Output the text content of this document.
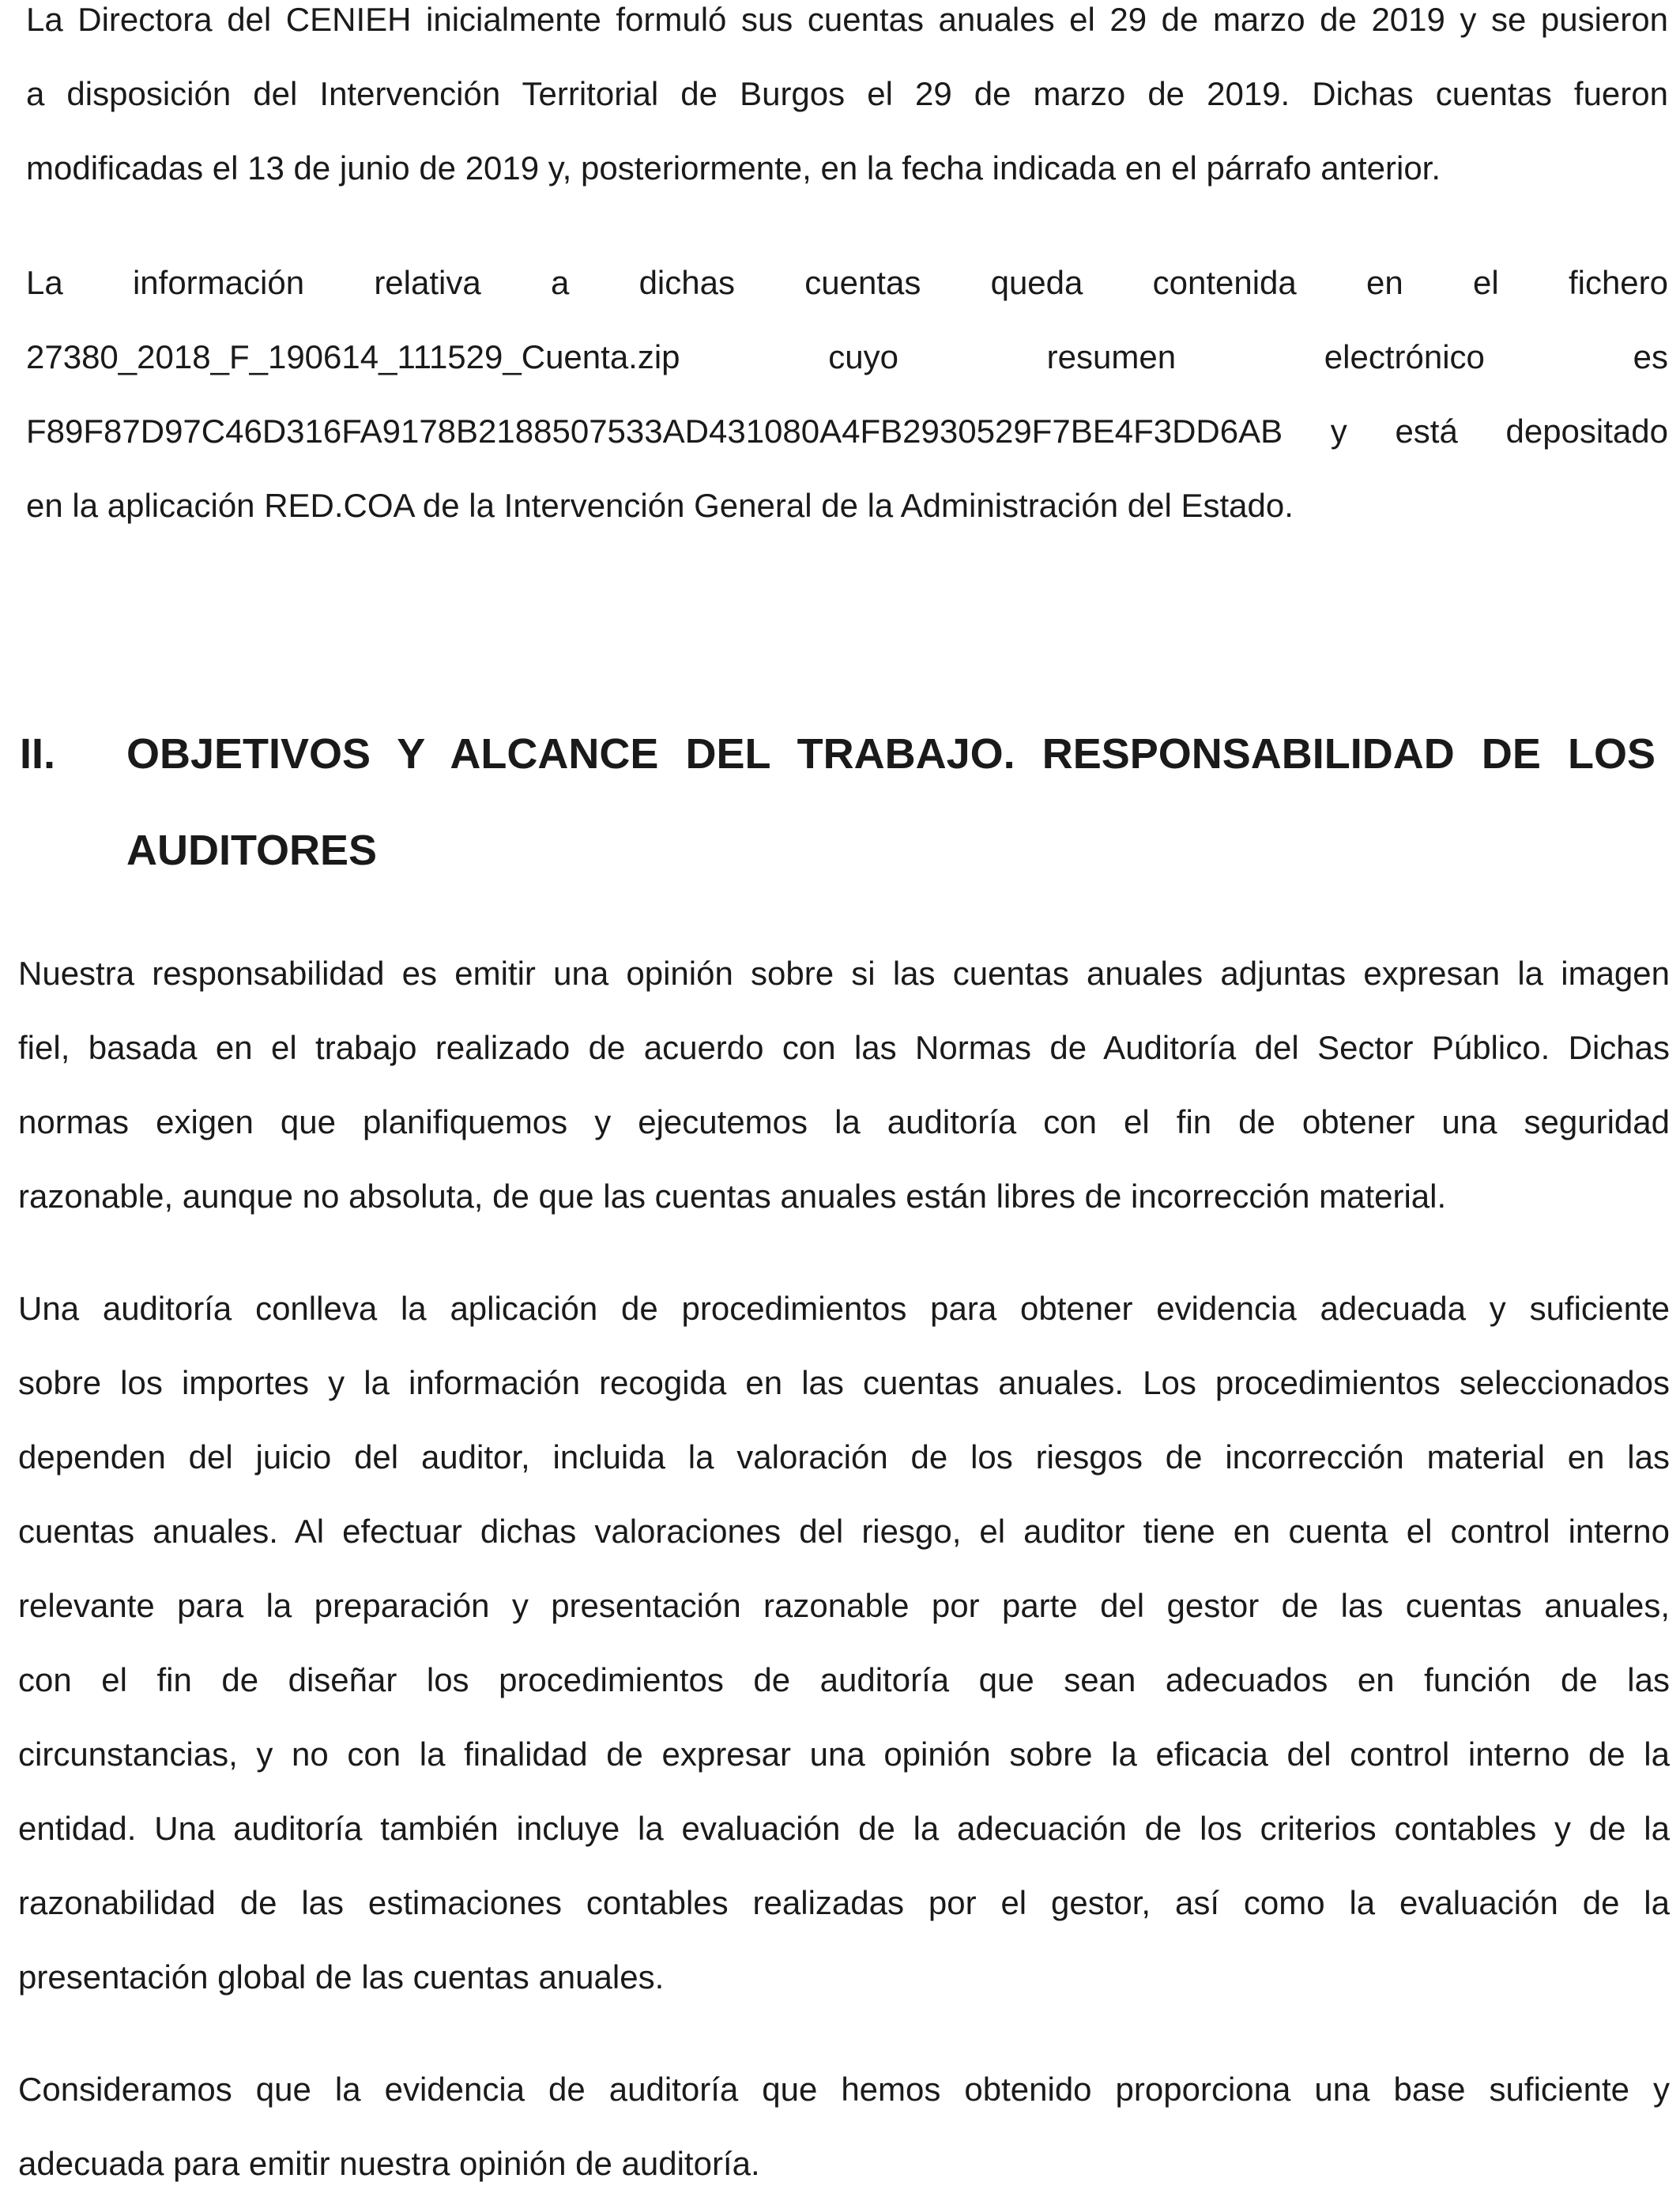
La Directora del CENIEH inicialmente formuló sus cuentas anuales el 29 de marzo de 2019 y se pusieron
a disposición del Intervención Territorial de Burgos el 29 de marzo de 2019. Dichas cuentas fueron
modificadas el 13 de junio de 2019 y, posteriormente, en la fecha indicada en el párrafo anterior.
La información relativa a dichas cuentas queda contenida en el fichero
27380_2018_F_190614_111529_Cuenta.zip cuyo resumen electrónico es
F89F87D97C46D316FA9178B2188507533AD431080A4FB2930529F7BE4F3DD6AB y está depositado
en la aplicación RED.COA de la Intervención General de la Administración del Estado.
II. OBJETIVOS Y ALCANCE DEL TRABAJO. RESPONSABILIDAD DE LOS
AUDITORES
Nuestra responsabilidad es emitir una opinión sobre si las cuentas anuales adjuntas expresan la imagen
fiel, basada en el trabajo realizado de acuerdo con las Normas de Auditoría del Sector Público. Dichas
normas exigen que planifiquemos y ejecutemos la auditoría con el fin de obtener una seguridad
razonable, aunque no absoluta, de que las cuentas anuales están libres de incorrección material.
Una auditoría conlleva la aplicación de procedimientos para obtener evidencia adecuada y suficiente
sobre los importes y la información recogida en las cuentas anuales. Los procedimientos seleccionados
dependen del juicio del auditor, incluida la valoración de los riesgos de incorrección material en las
cuentas anuales. Al efectuar dichas valoraciones del riesgo, el auditor tiene en cuenta el control interno
relevante para la preparación y presentación razonable por parte del gestor de las cuentas anuales,
con el fin de diseñar los procedimientos de auditoría que sean adecuados en función de las
circunstancias, y no con la finalidad de expresar una opinión sobre la eficacia del control interno de la
entidad. Una auditoría también incluye la evaluación de la adecuación de los criterios contables y de la
razonabilidad de las estimaciones contables realizadas por el gestor, así como la evaluación de la
presentación global de las cuentas anuales.
Consideramos que la evidencia de auditoría que hemos obtenido proporciona una base suficiente y
adecuada para emitir nuestra opinión de auditoría.
